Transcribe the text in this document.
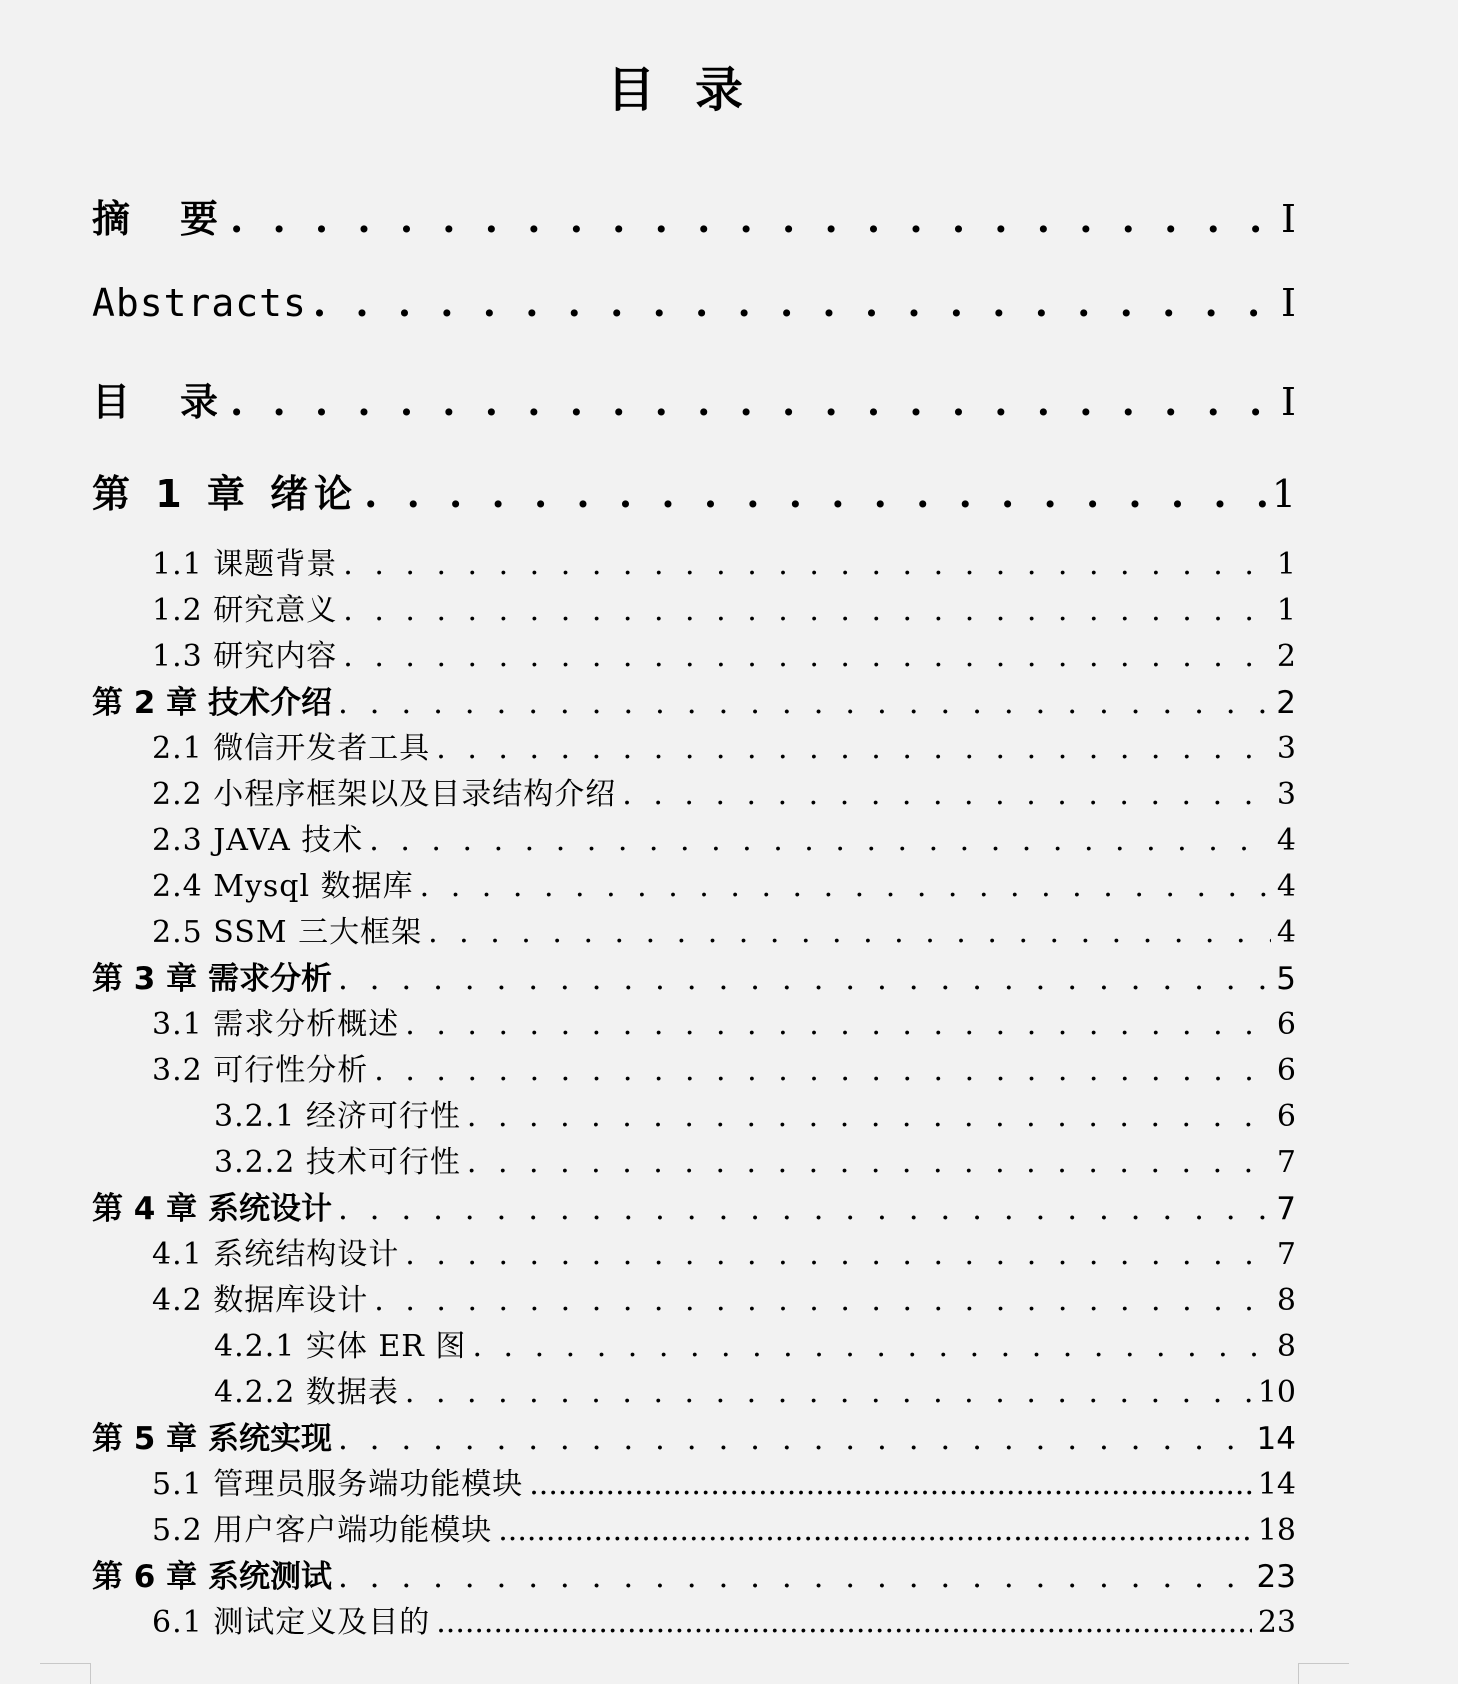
目录
摘　要 . . .	I
Abstracts . . .	I
目　录 . . .	I
第 1 章 绪论 . . .	1
1.1 课题背景 . . .	1
1.2 研究意义 . . .	1
1.3 研究内容 . . .	2
第 2 章 技术介绍 . . .	2
2.1 微信开发者工具 . . .	3
2.2 小程序框架以及目录结构介绍 . . .	3
2.3 JAVA 技术 . . .	4
2.4 Mysql 数据库 . . .	4
2.5 SSM 三大框架 . . .	4
第 3 章 需求分析 . . .	5
3.1 需求分析概述 . . .	6
3.2 可行性分析 . . .	6
3.2.1 经济可行性 . . .	6
3.2.2 技术可行性 . . .	7
第 4 章 系统设计 . . .	7
4.1 系统结构设计 . . .	7
4.2 数据库设计 . . .	8
4.2.1 实体 ER 图 . . .	8
4.2.2 数据表 . . .	10
第 5 章 系统实现 . . .	14
5.1 管理员服务端功能模块 .....	14
5.2 用户客户端功能模块 .....	18
第 6 章 系统测试 . . .	23
6.1 测试定义及目的 .....	23
